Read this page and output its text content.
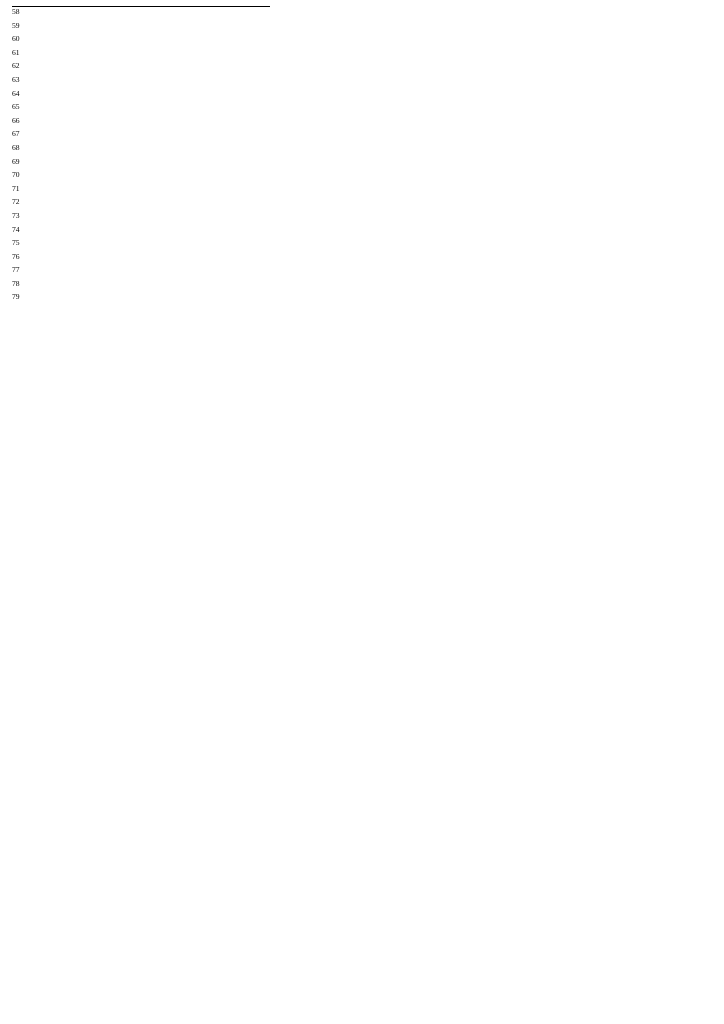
$^{58}$
$^{59}$
$^{60}$
$^{61}$
$^{62}$
$^{63}$
$^{64}$
$^{65}$
$^{66}$
$^{67}$
$^{68}$
$^{69}$
$^{70}$
$^{71}$
$^{72}$
$^{73}$
$^{74}$
$^{75}$
$^{76}$
$^{77}$
$^{78}$
$^{79}$
